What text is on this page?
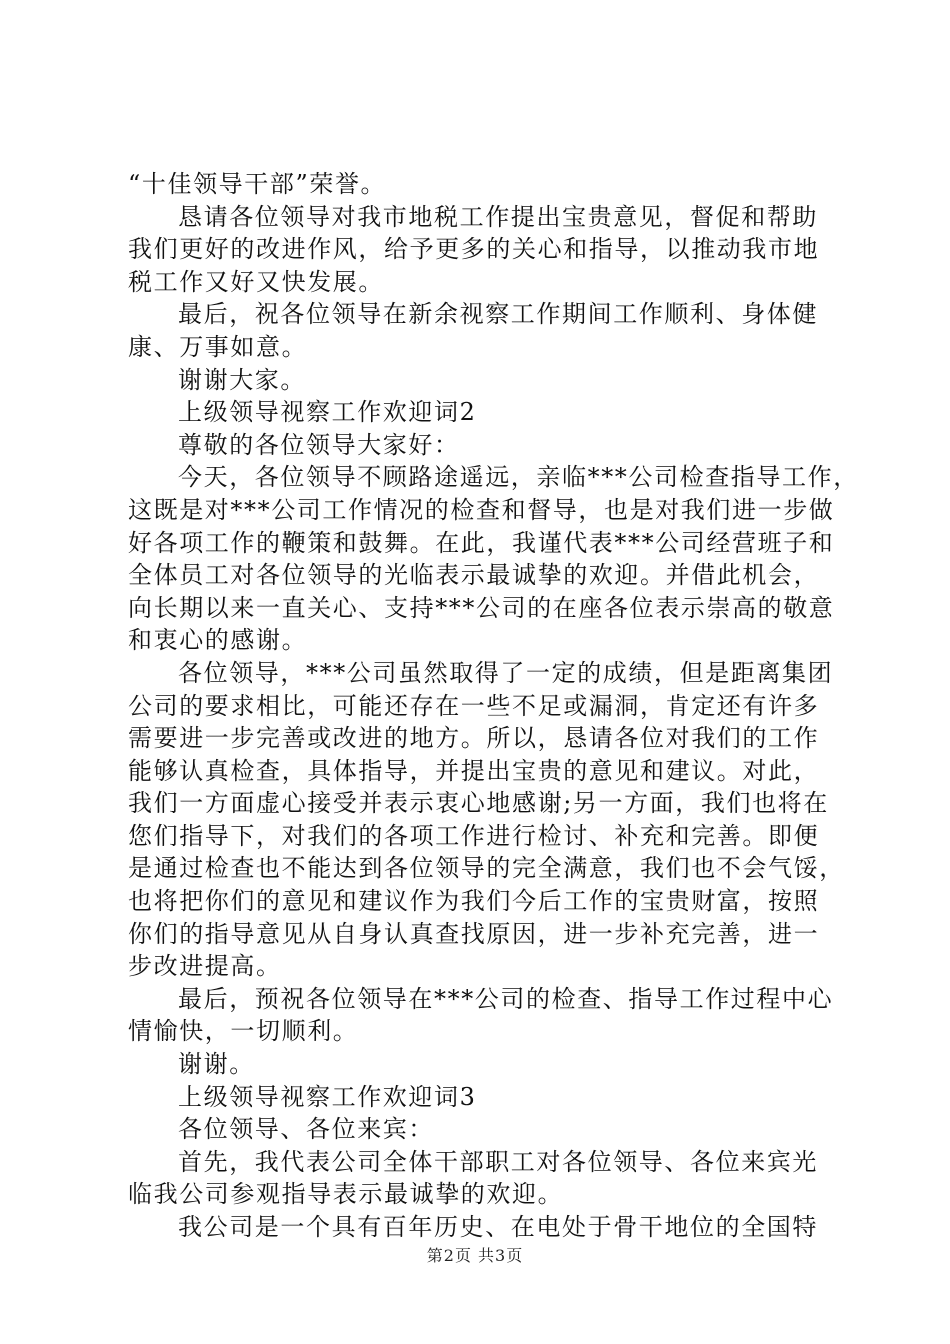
“十佳领导干部”荣誉。
恳请各位领导对我市地税工作提出宝贵意见，督促和帮助
我们更好的改进作风，给予更多的关心和指导，以推动我市地
税工作又好又快发展。
最后，祝各位领导在新余视察工作期间工作顺利、身体健
康、万事如意。
谢谢大家。
上级领导视察工作欢迎词2
尊敬的各位领导大家好：
今天，各位领导不顾路途遥远，亲临***公司检查指导工作，
这既是对***公司工作情况的检查和督导，也是对我们进一步做
好各项工作的鞭策和鼓舞。在此，我谨代表***公司经营班子和
全体员工对各位领导的光临表示最诚挚的欢迎。并借此机会，
向长期以来一直关心、支持***公司的在座各位表示崇高的敬意
和衷心的感谢。
各位领导，***公司虽然取得了一定的成绩，但是距离集团
公司的要求相比，可能还存在一些不足或漏洞，肯定还有许多
需要进一步完善或改进的地方。所以，恳请各位对我们的工作
能够认真检查，具体指导，并提出宝贵的意见和建议。对此，
我们一方面虚心接受并表示衷心地感谢;另一方面，我们也将在
您们指导下，对我们的各项工作进行检讨、补充和完善。即便
是通过检查也不能达到各位领导的完全满意，我们也不会气馁，
也将把你们的意见和建议作为我们今后工作的宝贵财富，按照
你们的指导意见从自身认真查找原因，进一步补充完善，进一
步改进提高。
最后，预祝各位领导在***公司的检查、指导工作过程中心
情愉快，一切顺利。
谢谢。
上级领导视察工作欢迎词3
各位领导、各位来宾：
首先，我代表公司全体干部职工对各位领导、各位来宾光
临我公司参观指导表示最诚挚的欢迎。
我公司是一个具有百年历史、在电处于骨干地位的全国特
第2页 共3页
